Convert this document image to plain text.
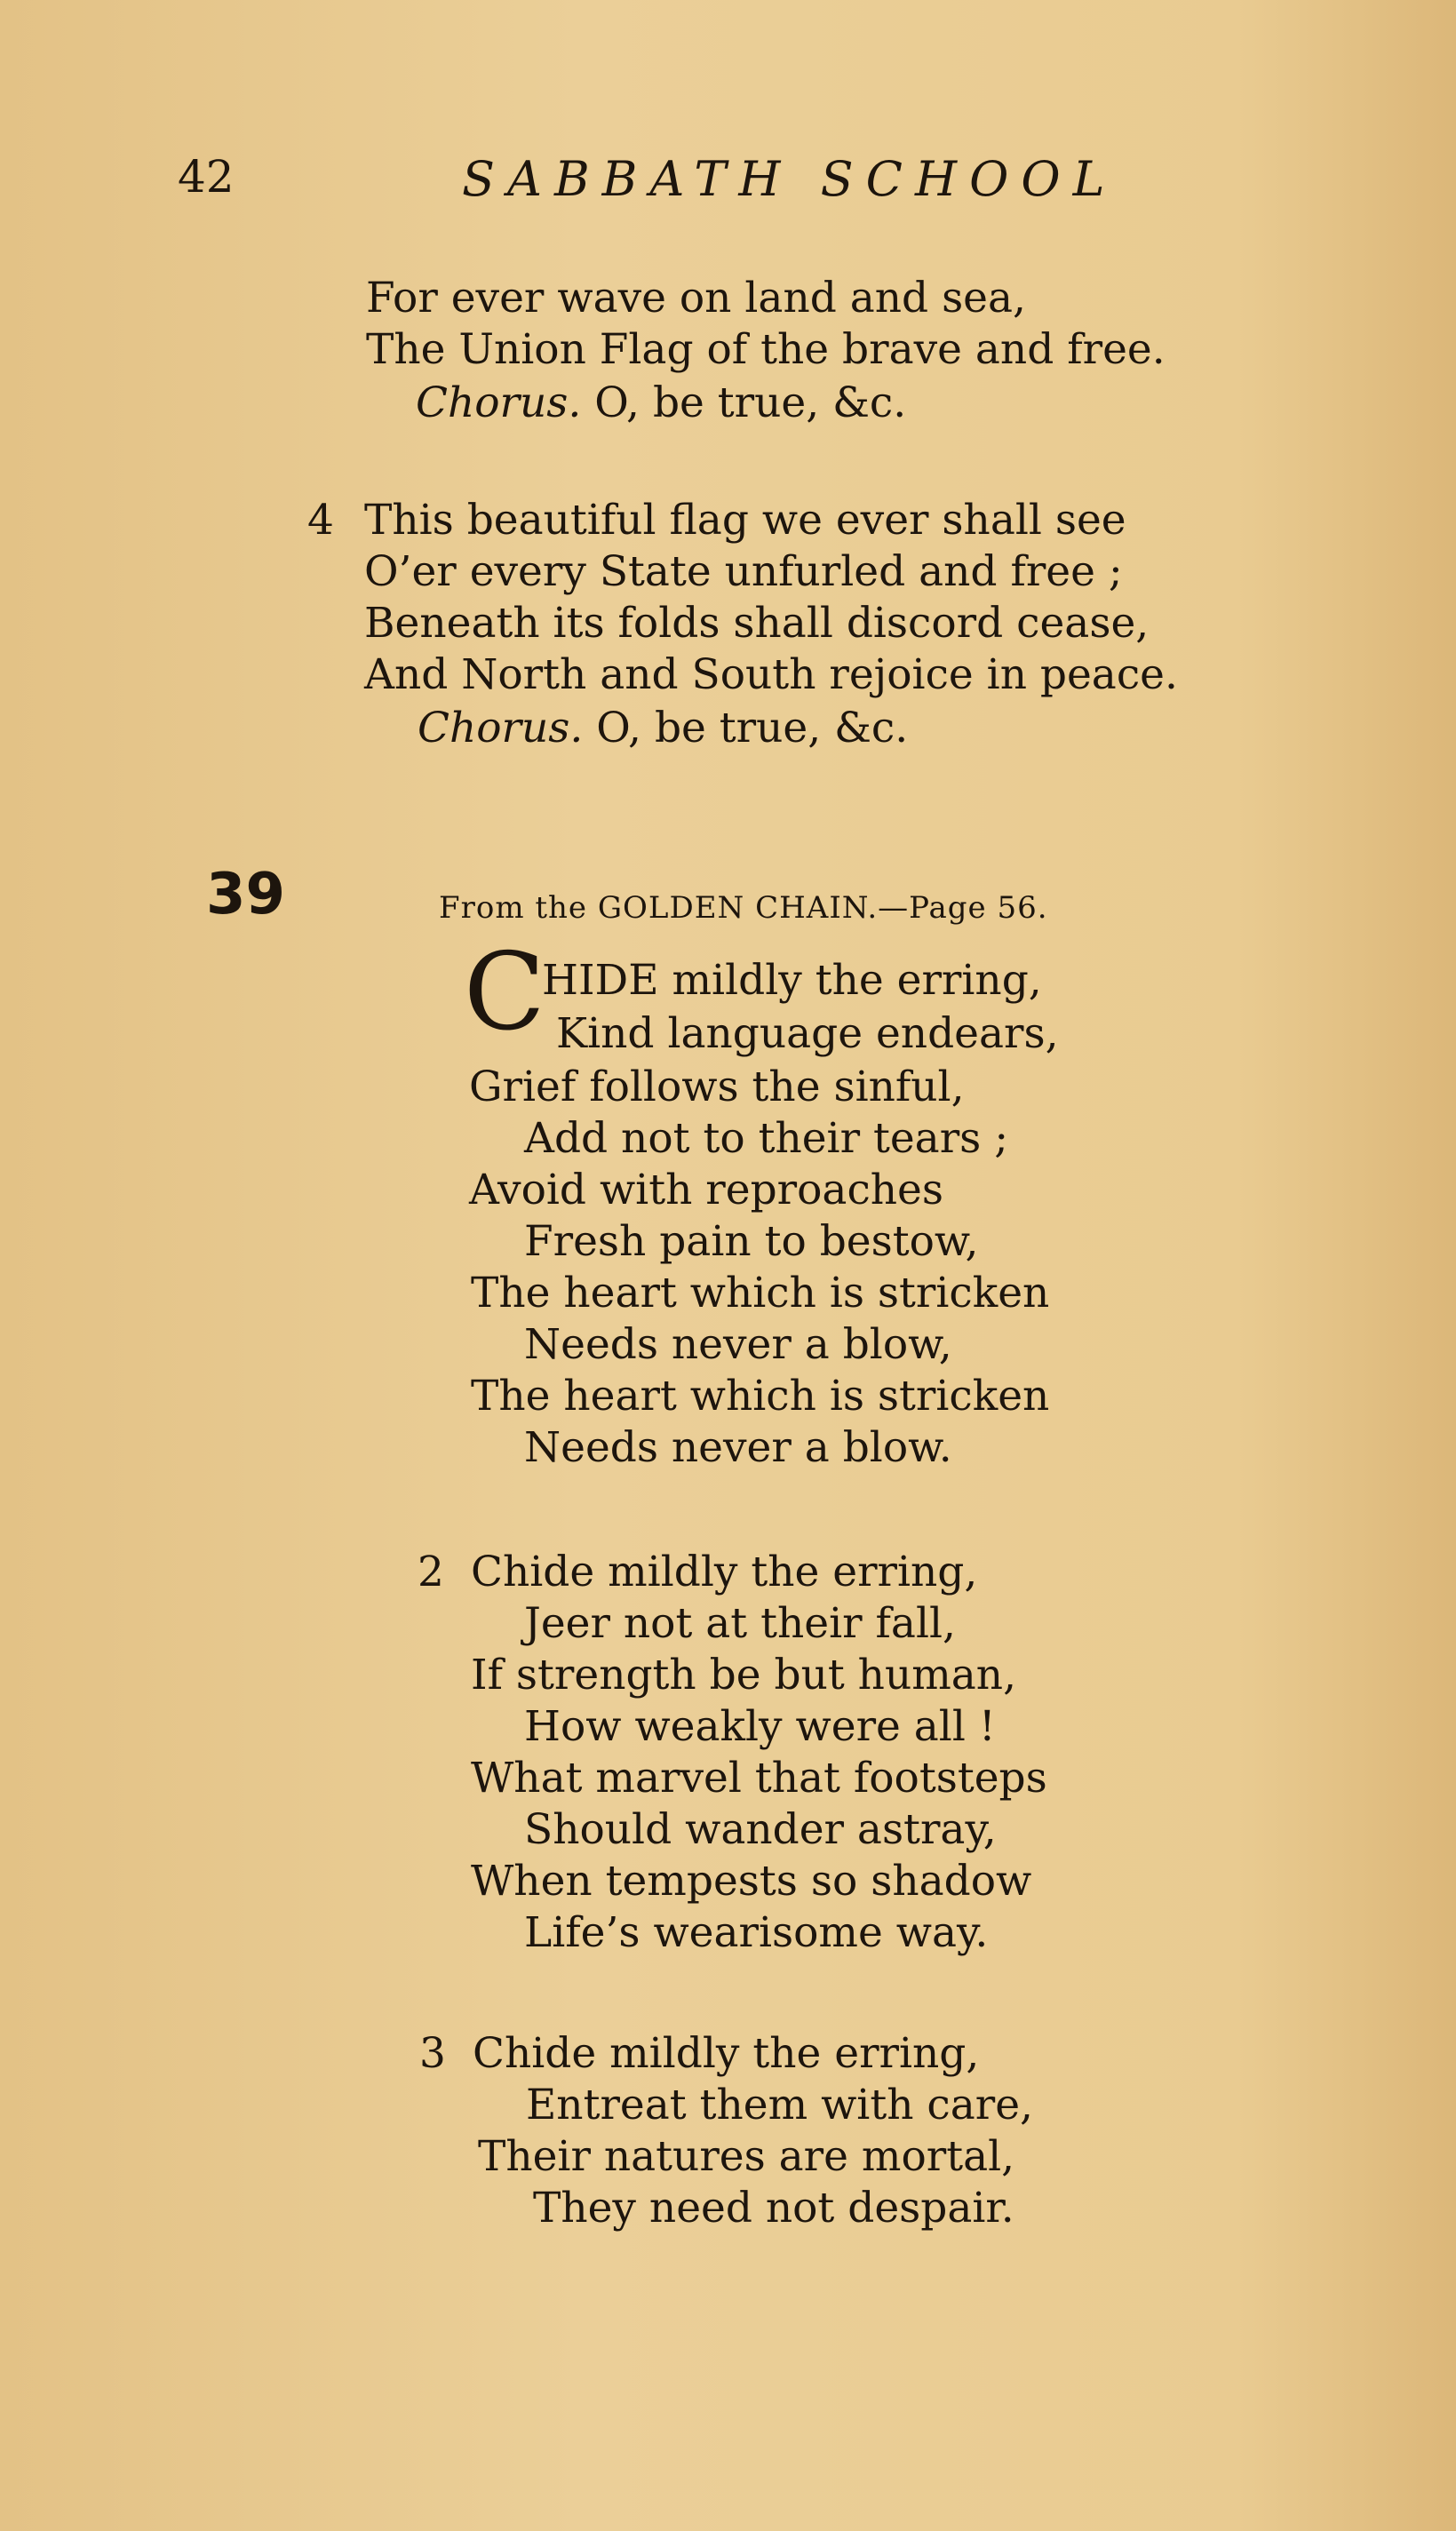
42	SABBATH SCHOOL
For ever wave on land and sea,
The Union Flag of the brave and free.
Chorus. O, be true, &c.
4 This beautiful flag we ever shall see
O’er every State unfurled and free ;
Beneath its folds shall discord cease,
And North and South rejoice in peace.
Chorus. O, be true, &c.
39	From the GOLDEN CHAIN.—Page 56.
C
HIDE mildly the erring,
Kind language endears,
Grief follows the sinful,
Add not to their tears ;
Avoid with reproaches
Fresh pain to bestow,
The heart which is stricken
Needs never a blow,
The heart which is stricken
Needs never a blow.
2 Chide mildly the erring,
Jeer not at their fall,
If strength be but human,
How weakly were all !
What marvel that footsteps
Should wander astray,
When tempests so shadow
Life’s wearisome way.
3 Chide mildly the erring,
Entreat them with care,
Their natures are mortal,
They need not despair.
